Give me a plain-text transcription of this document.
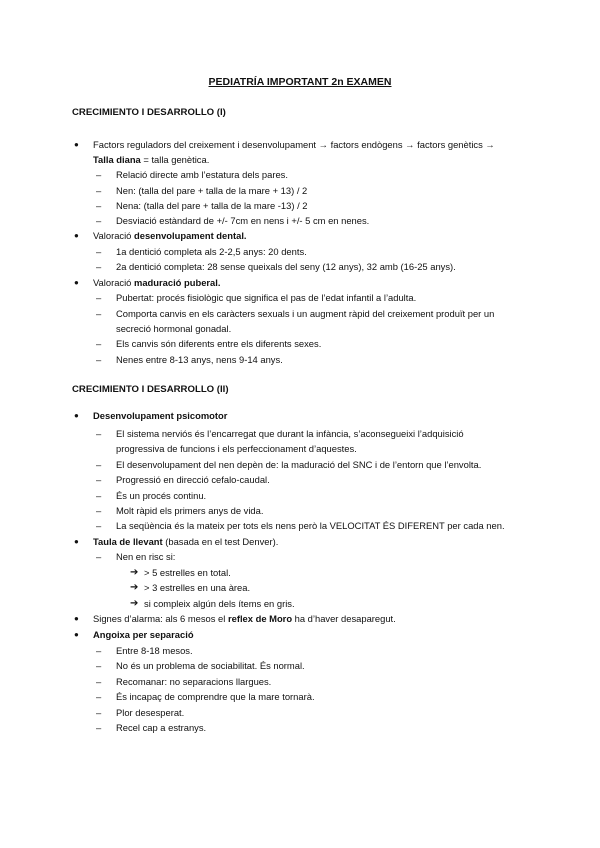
PEDIATRÍA IMPORTANT 2n EXAMEN
CRECIMIENTO I DESARROLLO (I)
● Factors reguladors del creixement i desenvolupament → factors endògens → factors genètics →
Talla diana = talla genètica.
– Relació directe amb l’estatura dels pares.
– Nen: (talla del pare + talla de la mare + 13) / 2
– Nena: (talla del pare + talla de la mare -13) / 2
– Desviació estàndard de +/- 7cm en nens i +/- 5 cm en nenes.
● Valoració desenvolupament dental.
– 1a dentició completa als 2-2,5 anys: 20 dents.
– 2a dentició completa: 28 sense queixals del seny (12 anys), 32 amb (16-25 anys).
● Valoració maduració puberal.
– Pubertat: procés fisiològic que significa el pas de l’edat infantil a l’adulta.
– Comporta canvis en els caràcters sexuals i un augment ràpid del creixement produït per un
secreció hormonal gonadal.
– Els canvis són diferents entre els diferents sexes.
– Nenes entre 8-13 anys, nens 9-14 anys.
CRECIMIENTO I DESARROLLO (II)
● Desenvolupament psicomotor
– El sistema nerviós és l’encarregat que durant la infància, s’aconsegueixi l’adquisició
progressiva de funcions i els perfeccionament d’aquestes.
– El desenvolupament del nen depèn de: la maduració del SNC i de l’entorn que l’envolta.
– Progressió en direcció cefalo-caudal.
– És un procés continu.
– Molt ràpid els primers anys de vida.
– La seqüència és la mateix per tots els nens però la VELOCITAT ÉS DIFERENT per cada nen.
● Taula de llevant (basada en el test Denver).
– Nen en risc si:
➔ > 5 estrelles en total.
➔ > 3 estrelles en una àrea.
➔ si compleix algún dels ítems en gris.
● Signes d’alarma: als 6 mesos el reflex de Moro ha d’haver desaparegut.
● Angoixa per separació
– Entre 8-18 mesos.
– No és un problema de sociabilitat. És normal.
– Recomanar: no separacions llargues.
– És incapaç de comprendre que la mare tornarà.
– Plor desesperat.
– Recel cap a estranys.
